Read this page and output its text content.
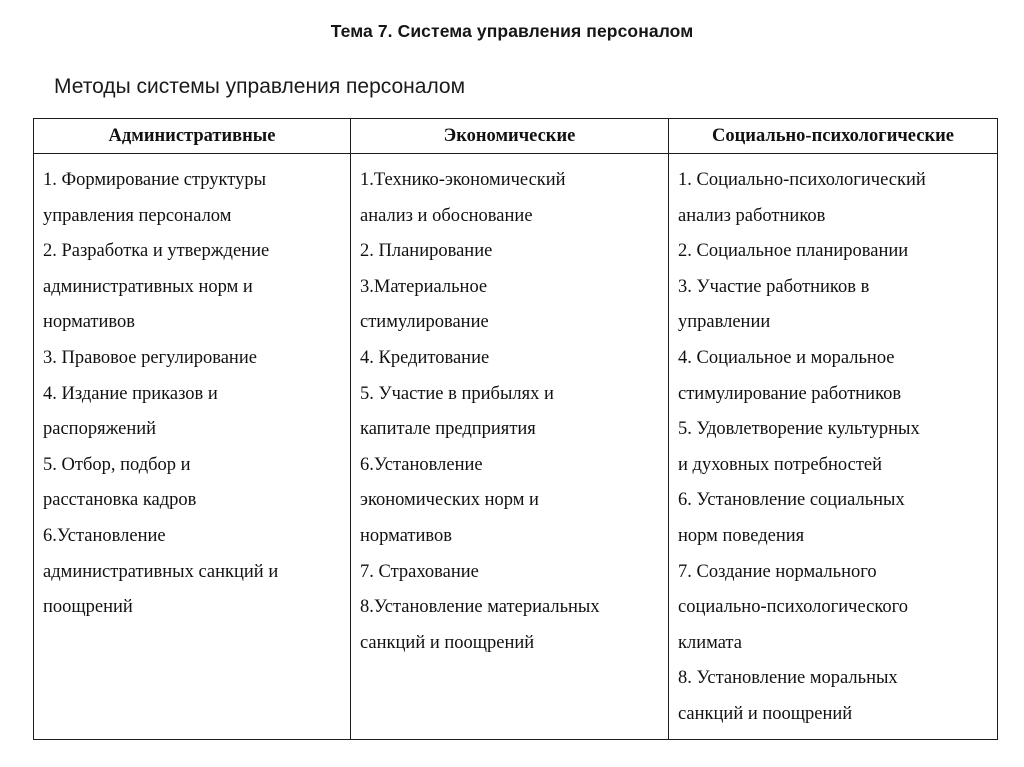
Тема 7. Система управления персоналом
Методы системы управления персоналом
Административные	Экономические	Социально-психологические

1. Формирование структуры
управления персоналом
2. Разработка и утверждение
административных норм и
нормативов
3. Правовое регулирование
4. Издание приказов и
распоряжений
5. Отбор, подбор и
расстановка кадров
6.Установление
административных санкций и
поощрений

1.Технико-экономический
анализ и обоснование
2. Планирование
3.Материальное
стимулирование
4. Кредитование
5. Участие в прибылях и
капитале предприятия
6.Установление
экономических норм и
нормативов
7. Страхование
8.Установление материальных
санкций и поощрений

1. Социально-психологический
анализ работников
2. Социальное планировании
3. Участие работников в
управлении
4. Социальное и моральное
стимулирование работников
5. Удовлетворение культурных
и духовных потребностей
6. Установление социальных
норм поведения
7. Создание нормального
социально-психологического
климата
8. Установление моральных
санкций и поощрений
